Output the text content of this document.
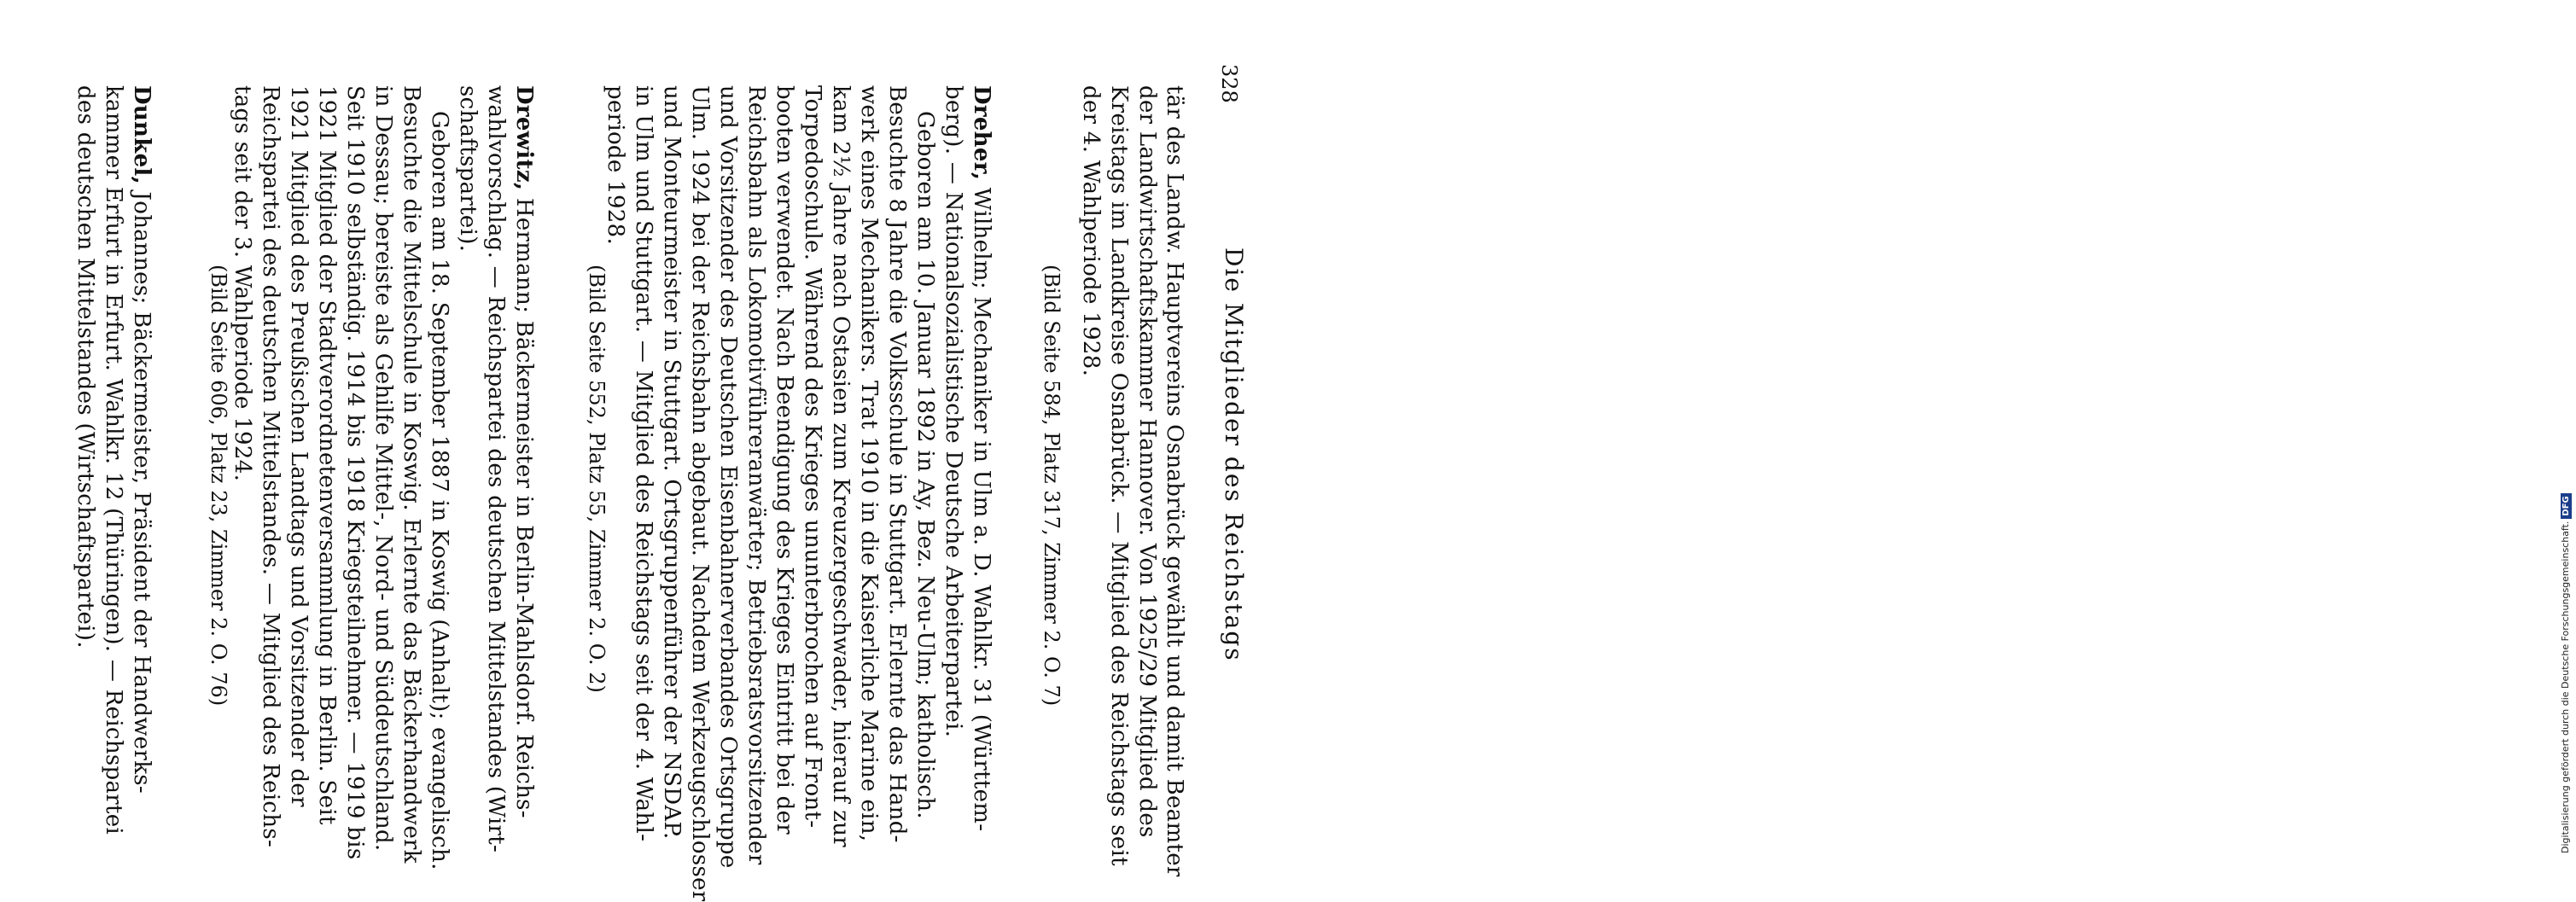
328
Die Mitglieder des Reichstags
tär des Landw. Hauptvereins Osnabrück gewählt und damit Beamter
der Landwirtschaftskammer Hannover. Von 1925/29 Mitglied des
Kreistags im Landkreise Osnabrück. — Mitglied des Reichstags seit
der 4. Wahlperiode 1928.
(Bild Seite 584, Platz 317, Zimmer 2. O. 7)
Dreher, Wilhelm; Mechaniker in Ulm a. D. Wahlkr. 31 (Württem-
berg). — Nationalsozialistische Deutsche Arbeiterpartei.
Geboren am 10. Januar 1892 in Ay, Bez. Neu-Ulm; katholisch.
Besuchte 8 Jahre die Volksschule in Stuttgart. Erlernte das Hand-
werk eines Mechanikers. Trat 1910 in die Kaiserliche Marine ein,
kam 2½ Jahre nach Ostasien zum Kreuzergeschwader, hierauf zur
Torpedoschule. Während des Krieges ununterbrochen auf Front-
booten verwendet. Nach Beendigung des Krieges Eintritt bei der
Reichsbahn als Lokomotivführeranwärter; Betriebsratsvorsitzender
und Vorsitzender des Deutschen Eisenbahnerverbandes Ortsgruppe
Ulm. 1924 bei der Reichsbahn abgebaut. Nachdem Werkzeugschlosser
und Monteurmeister in Stuttgart. Ortsgruppenführer der NSDAP.
in Ulm und Stuttgart. — Mitglied des Reichstags seit der 4. Wahl-
periode 1928.
(Bild Seite 552, Platz 55, Zimmer 2. O. 2)
Drewitz, Hermann; Bäckermeister in Berlin-Mahlsdorf. Reichs-
wahlvorschlag. — Reichspartei des deutschen Mittelstandes (Wirt-
schaftspartei).
Geboren am 18. September 1887 in Koswig (Anhalt); evangelisch.
Besuchte die Mittelschule in Koswig. Erlernte das Bäckerhandwerk
in Dessau; bereiste als Gehilfe Mittel-, Nord- und Süddeutschland.
Seit 1910 selbständig. 1914 bis 1918 Kriegsteilnehmer. — 1919 bis
1921 Mitglied der Stadtverordnetenversammlung in Berlin. Seit
1921 Mitglied des Preußischen Landtags und Vorsitzender der
Reichspartei des deutschen Mittelstandes. — Mitglied des Reichs-
tags seit der 3. Wahlperiode 1924.
(Bild Seite 606, Platz 23, Zimmer 2. O. 76)
Dunkel, Johannes; Bäckermeister, Präsident der Handwerks-
kammer Erfurt in Erfurt. Wahlkr. 12 (Thüringen). — Reichspartei
des deutschen Mittelstandes (Wirtschaftspartei).
Digitalisierung gefördert durch die Deutsche Forschungsgemeinschaft.DFG
